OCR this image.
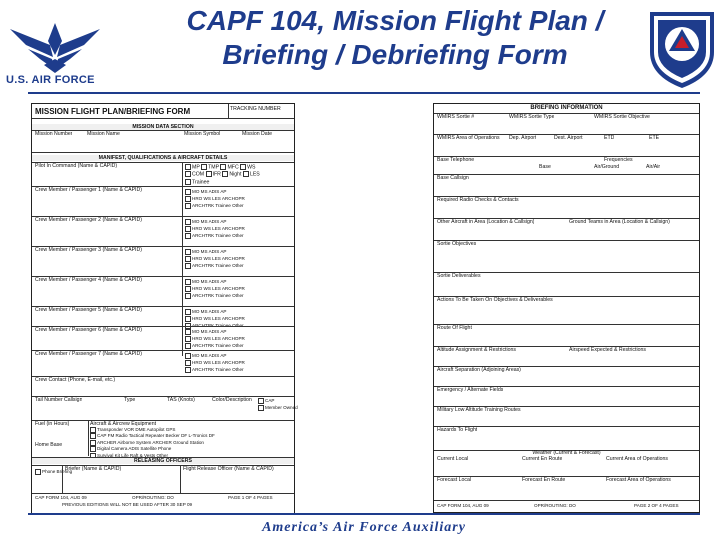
U.S. AIR FORCE
CAPF 104, Mission Flight Plan /
Briefing / Debriefing Form
MISSION FLIGHT PLAN/BRIEFING FORM	TRACKING NUMBER
MISSION DATA SECTION
Mission Number	Mission Name	Mission Symbol	Mission Date
MANIFEST, QUALIFICATIONS & AIRCRAFT DETAILS
Pilot In Command (Name & CAPID)	MP TMP MFC WS
COM IFR Night LES
Trainee
Crew Member / Passenger 1 (Name & CAPID)	MO MS ADIS AP
HRO WS LES ARCHOPR
ARCHTRK Trainee Other
Crew Member / Passenger 2 (Name & CAPID)	MO MS ADIS AP
HRO WS LES ARCHOPR
ARCHTRK Trainee Other
Crew Member / Passenger 3 (Name & CAPID)	MO MS ADIS AP
HRO WS LES ARCHOPR
ARCHTRK Trainee Other
Crew Member / Passenger 4 (Name & CAPID)	MO MS ADIS AP
HRO WS LES ARCHOPR
ARCHTRK Trainee Other
Crew Member / Passenger 5 (Name & CAPID)	MO MS ADIS AP
HRO WS LES ARCHOPR
ARCHTRK Trainee Other
Crew Member / Passenger 6 (Name & CAPID)	MO MS ADIS AP
HRO WS LES ARCHOPR
ARCHTRK Trainee Other
Crew Member / Passenger 7 (Name & CAPID)	MO MS ADIS AP
HRO WS LES ARCHOPR
ARCHTRK Trainee Other
Crew Contact (Phone, E-mail, etc.)
Tail Number Callsign	Type	TAS (Knots)	Color/Description	CAP
Member Owned
Fuel (in Hours)
Home Base
Aircraft & Aircrew Equipment
Transponder VOR DME Autopilot GPS
CAP FM Radio Tactical Repeater Becker DF L-Tronics DF
ARCHER Airborne System ARCHER Ground Station
Digital Camera ADIS Satellite Phone
Survival Kit Life Raft & Vests Other
RELEASING OFFICERS
Phone Briefing
Briefer (Name & CAPID)	Flight Release Officer (Name & CAPID)
CAP FORM 104, AUG 09	OPR/ROUTING: DO	PAGE 1 OF 4 PAGES
PREVIOUS EDITIONS WILL NOT BE USED AFTER 30 SEP 09
BRIEFING INFORMATION
WMIRS Sortie #	WMIRS Sortie Type	WMIRS Sortie Objective
WMIRS Area of Operations Dep. Airport	Dest. Airport	ETD	ETE
Base Telephone	Frequencies
Base	Air/Ground	Air/Air
Base Callsign
Required Radio Checks & Contacts
Other Aircraft in Area (Location & Callsign)	Ground Teams in Area (Location & Callsign)
Sortie Objectives
Sortie Deliverables
Actions To Be Taken On Objectives & Deliverables
Route Of Flight
Altitude Assignment & Restrictions	Airspeed Expected & Restrictions
Aircraft Separation (Adjoining Areas)
Emergency / Alternate Fields
Military Low Altitude Training Routes
Hazards To Flight
Weather (Current & Forecast)
Current Local	Current En Route	Current Area of Operations
Forecast Local	Forecast En Route	Forecast Area of Operations
CAP FORM 104, AUG 09	OPR/ROUTING: DO	PAGE 2 OF 4 PAGES
America’s Air Force Auxiliary
